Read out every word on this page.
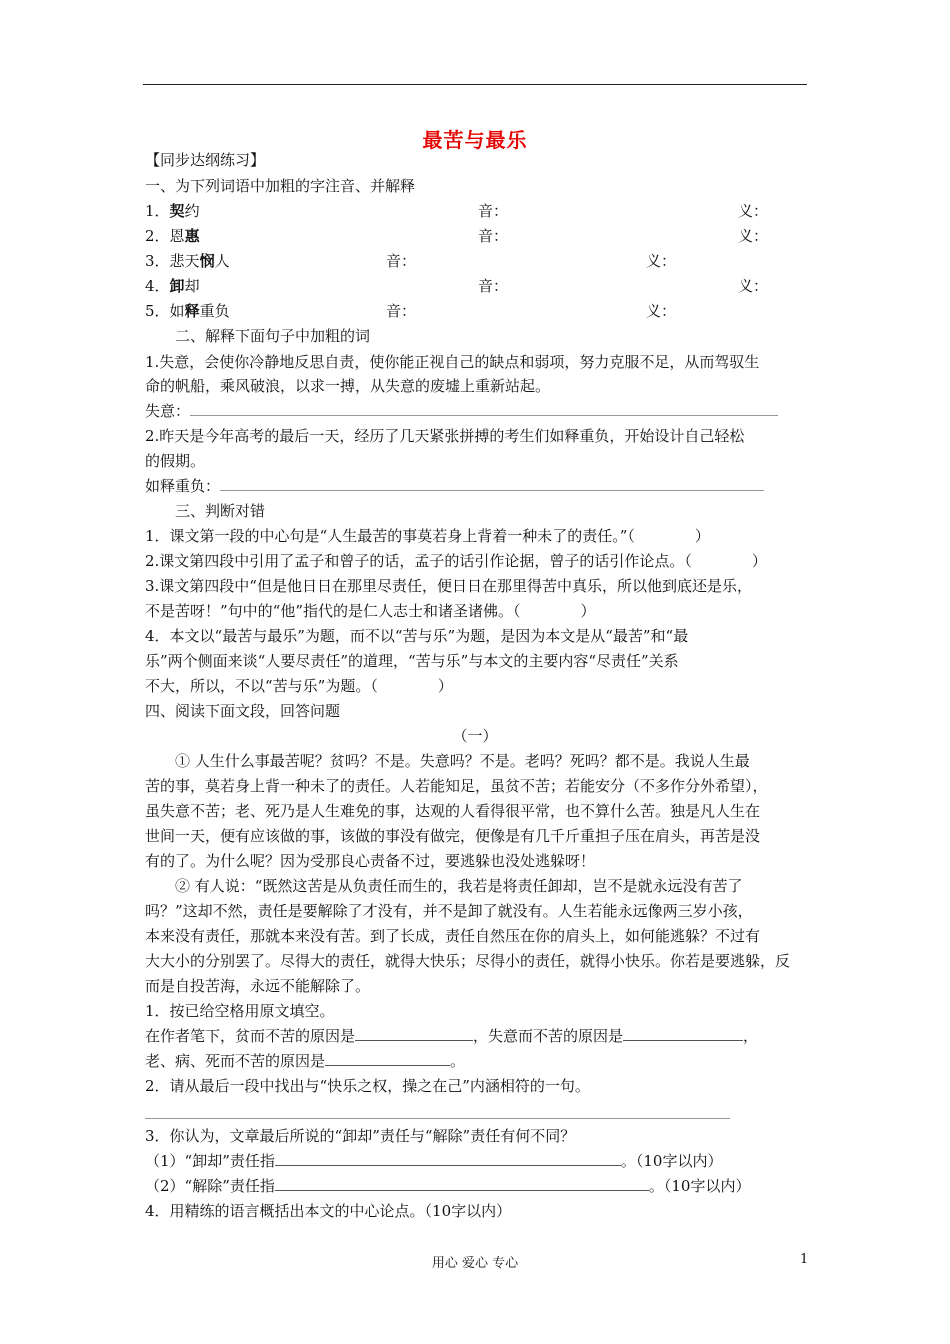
最苦与最乐
【同步达纲练习】
一、为下列词语中加粗的字注音、并解释
1．契约	音：	义：
2．恩惠	音：	义：
3．悲天悯人	音：	义：
4．卸却	音：	义：
5．如释重负	音：	义：
二、解释下面句子中加粗的词
1.失意，会使你冷静地反思自责，使你能正视自己的缺点和弱项，努力克服不足，从而驾驭生
命的帆船，乘风破浪，以求一搏，从失意的废墟上重新站起。
失意：
2.昨天是今年高考的最后一天，经历了几天紧张拼搏的考生们如释重负，开始设计自己轻松
的假期。
如释重负：
三、判断对错
1．课文第一段的中心句是“人生最苦的事莫若身上背着一种未了的责任。”（　　　　）
2.课文第四段中引用了孟子和曾子的话，孟子的话引作论据，曾子的话引作论点。（　　　　）
3.课文第四段中“但是他日日在那里尽责任，便日日在那里得苦中真乐，所以他到底还是乐，
不是苦呀！”句中的“他”指代的是仁人志士和诸圣诸佛。（　　　　）
4．本文以“最苦与最乐”为题，而不以“苦与乐”为题，是因为本文是从“最苦”和“最
乐”两个侧面来谈“人要尽责任”的道理，“苦与乐”与本文的主要内容“尽责任”关系
不大，所以，不以“苦与乐”为题。（　　　　）
四、阅读下面文段，回答问题
（一）
① 人生什么事最苦呢？贫吗？不是。失意吗？不是。老吗？死吗？都不是。我说人生最
苦的事，莫若身上背一种未了的责任。人若能知足，虽贫不苦；若能安分（不多作分外希望），
虽失意不苦；老、死乃是人生难免的事，达观的人看得很平常，也不算什么苦。独是凡人生在
世间一天，便有应该做的事，该做的事没有做完，便像是有几千斤重担子压在肩头，再苦是没
有的了。为什么呢？因为受那良心责备不过，要逃躲也没处逃躲呀！
② 有人说：“既然这苦是从负责任而生的，我若是将责任卸却，岂不是就永远没有苦了
吗？”这却不然，责任是要解除了才没有，并不是卸了就没有。人生若能永远像两三岁小孩，
本来没有责任，那就本来没有苦。到了长成，责任自然压在你的肩头上，如何能逃躲？不过有
大大小的分别罢了。尽得大的责任，就得大快乐；尽得小的责任，就得小快乐。你若是要逃躲，反
而是自投苦海，永远不能解除了。
1．按已给空格用原文填空。
在作者笔下，贫而不苦的原因是	，失意而不苦的原因是	，
老、病、死而不苦的原因是	。
2．请从最后一段中找出与“快乐之权，操之在己”内涵相符的一句。
3．你认为，文章最后所说的“卸却”责任与“解除”责任有何不同？
（1）“卸却”责任指	。（10字以内）
（2）“解除”责任指	。（10字以内）
4．用精练的语言概括出本文的中心论点。（10字以内）
用心 爱心 专心	1
